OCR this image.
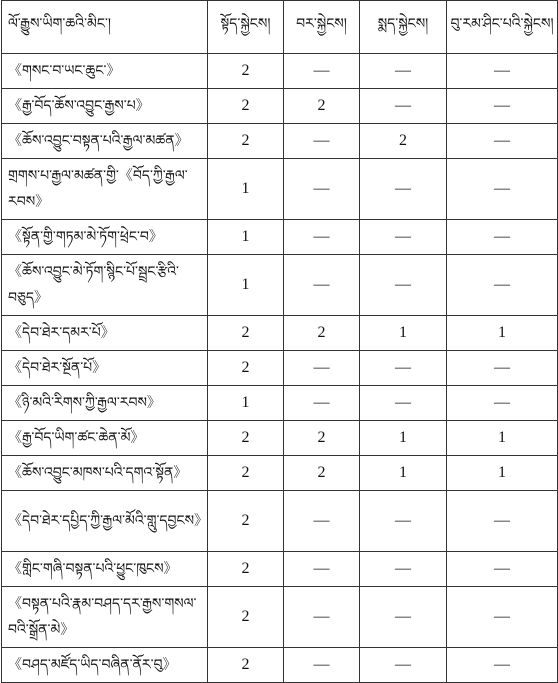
ལོ་རྒྱུས་ཡིག་ཆའི་མིང་།	སྟོད་སྐྱེངས།	བར་སྐྱེངས།	སྨད་སྐྱེངས།	བུ་རམ་ཤིང་པའི་སྐྱེངས།
《གསང་བ་ཡང་ཆུང་》	2	—	—	—
《རྒྱ་བོད་ཆོས་འབྱུང་རྒྱས་པ》	2	2	—	—
《ཆོས་འབྱུང་བསྟན་པའི་རྒྱལ་མཚན》	2	—	2	—
གྲགས་པ་རྒྱལ་མཚན་གྱི་《བོད་ཀྱི་རྒྱལ་རབས》	1	—	—	—
《སྟོན་གྱི་གཏམ་མེ་ཏོག་ཕྲེང་བ》	1	—	—	—
《ཆོས་འབྱུང་མེ་ཏོག་སྙིང་པོ་སྦྲང་རྩིའི་བཅུད》	1	—	—	—
《དེབ་ཐེར་དམར་པོ》	2	2	1	1
《དེབ་ཐེར་སྔོན་པོ》	2	—	—	—
《ཉི་མའི་རིགས་ཀྱི་རྒྱལ་རབས》	1	—	—	—
《རྒྱ་བོད་ཡིག་ཚང་ཆེན་མོ》	2	2	1	1
《ཆོས་འབྱུང་མཁས་པའི་དགའ་སྟོན》	2	2	1	1
《དེབ་ཐེར་དཔྱིད་ཀྱི་རྒྱལ་མོའི་གླུ་དབྱངས》	2	—	—	—
《གླིང་གཞི་བསྟན་པའི་ཕྱུང་ཁུངས》	2	—	—	—
《བསྟན་པའི་རྣམ་བཤད་དར་རྒྱས་གསལ་བའི་སྒྲོན་མེ》	2	—	—	—
《བཤད་མཛོད་ཡིད་བཞིན་ནོར་བུ》	2	—	—	—
